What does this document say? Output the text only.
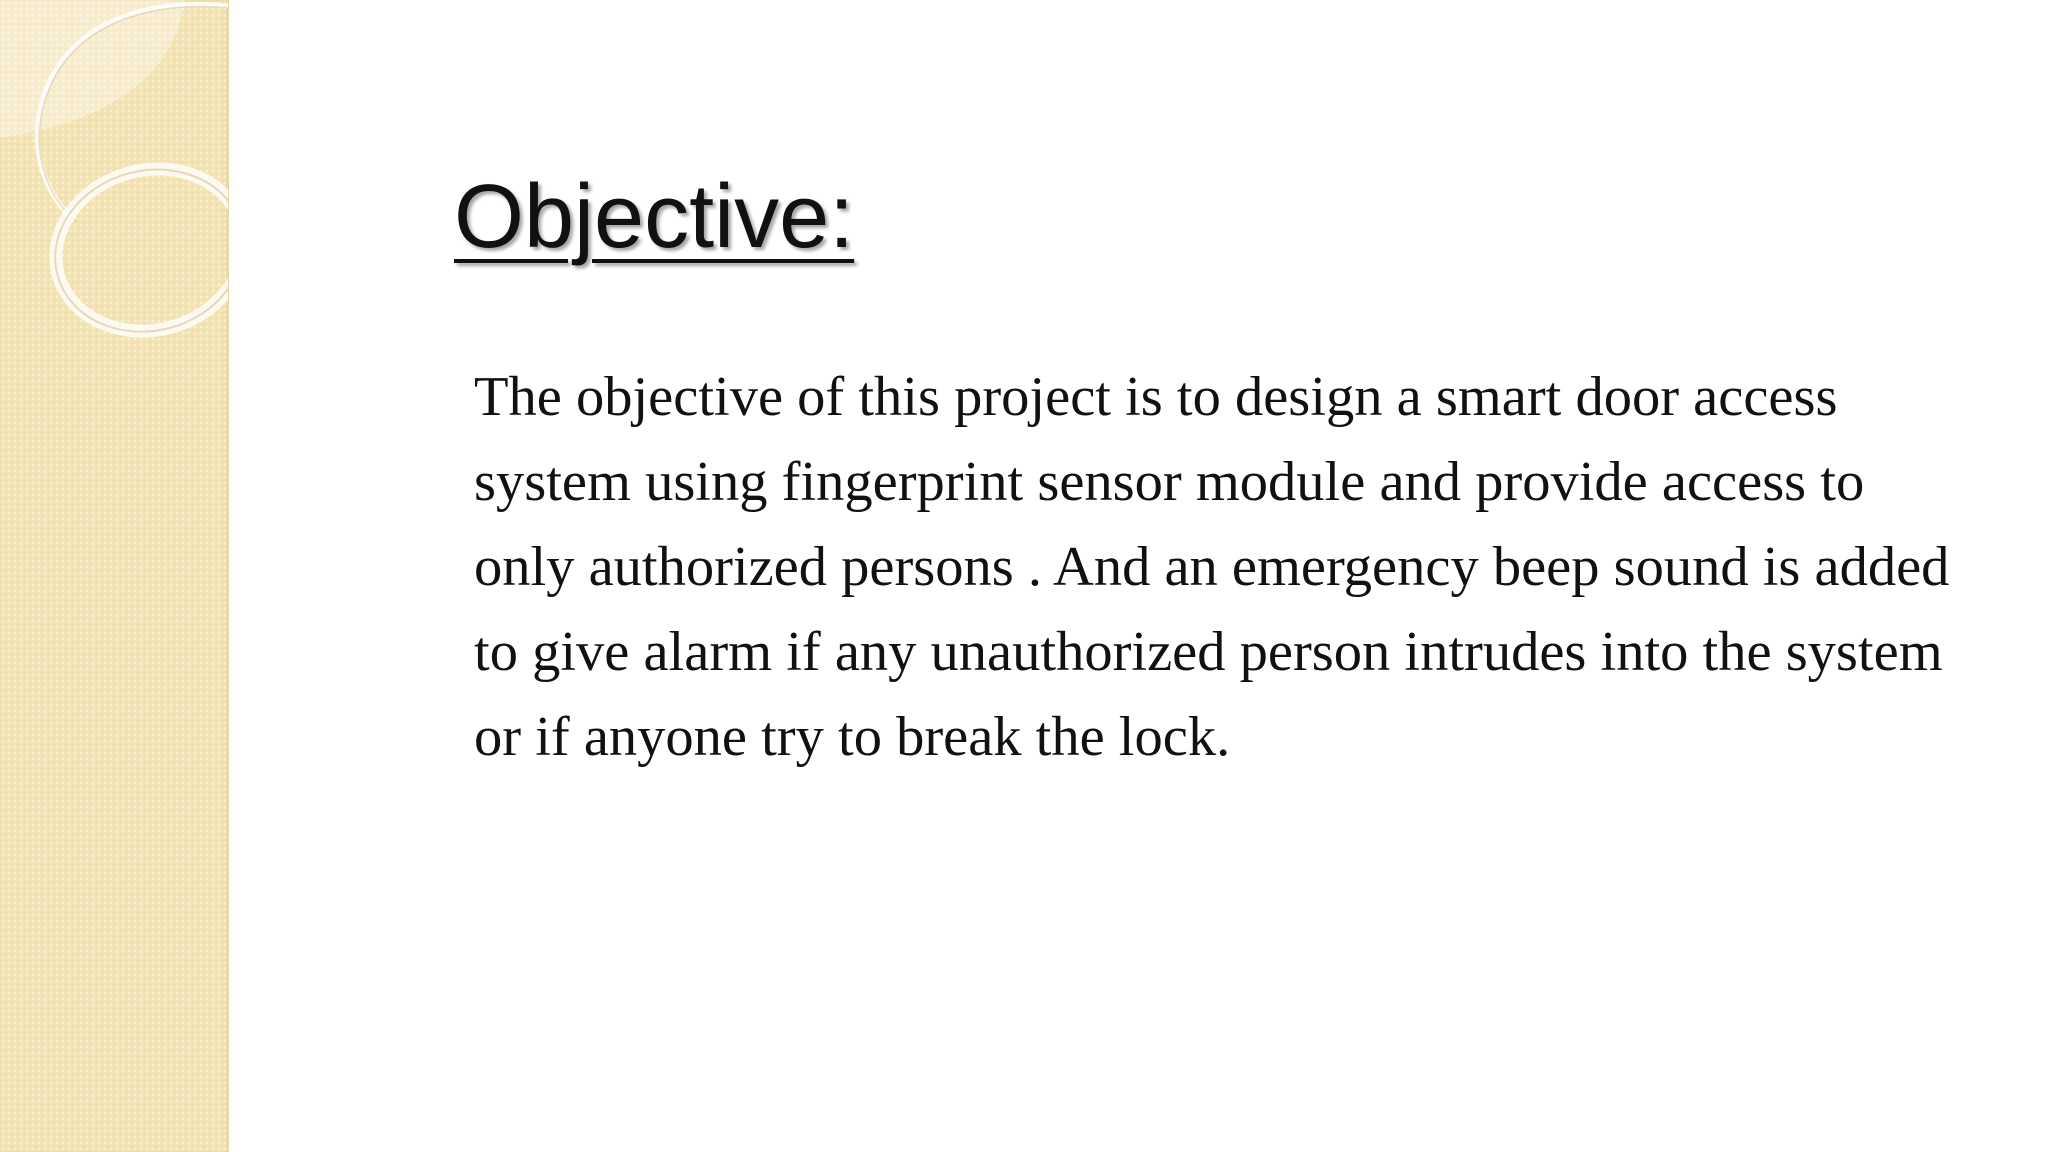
Objective:

The objective of this project is to design a smart door access system using fingerprint sensor module and provide access to only authorized persons . And an emergency beep sound is added to give alarm if any unauthorized person intrudes into the system or if anyone try to break the lock.
